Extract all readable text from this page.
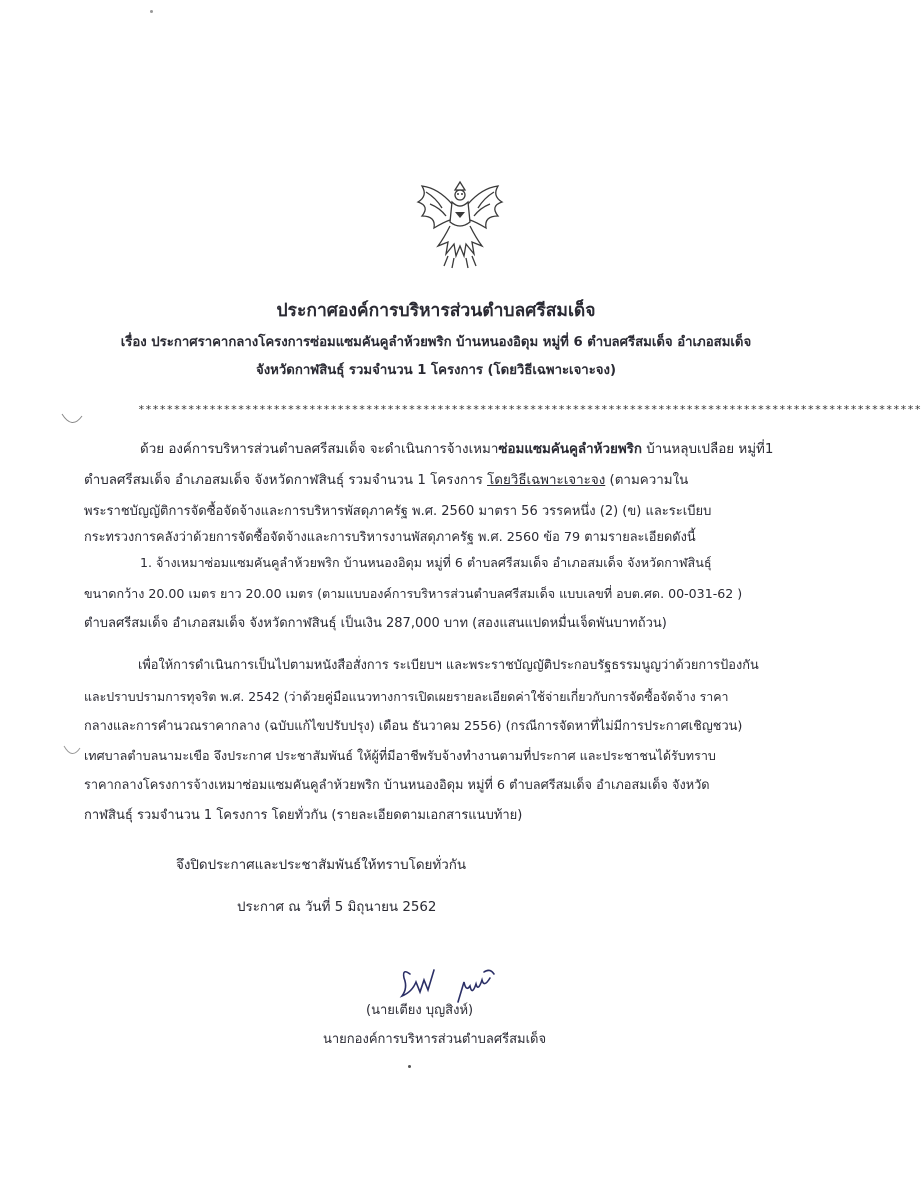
ประกาศองค์การบริหารส่วนตำบลศรีสมเด็จ
เรื่อง ประกาศราคากลางโครงการซ่อมแซมคันคูลำห้วยพริก บ้านหนองอิดุม หมู่ที่ 6 ตำบลศรีสมเด็จ อำเภอสมเด็จ
จังหวัดกาฬสินธุ์ รวมจำนวน 1 โครงการ (โดยวิธีเฉพาะเจาะจง)
**************************************************************************************************************
ด้วย องค์การบริหารส่วนตำบลศรีสมเด็จ จะดำเนินการจ้างเหมาซ่อมแซมคันคูลำห้วยพริก บ้านหลุบเปลือย หมู่ที่1
ตำบลศรีสมเด็จ อำเภอสมเด็จ จังหวัดกาฬสินธุ์ รวมจำนวน 1 โครงการ โดยวิธีเฉพาะเจาะจง (ตามความใน
พระราชบัญญัติการจัดซื้อจัดจ้างและการบริหารพัสดุภาครัฐ พ.ศ. 2560 มาตรา 56 วรรคหนึ่ง (2) (ข) และระเบียบ
กระทรวงการคลังว่าด้วยการจัดซื้อจัดจ้างและการบริหารงานพัสดุภาครัฐ พ.ศ. 2560 ข้อ 79 ตามรายละเอียดดังนี้
1. จ้างเหมาซ่อมแซมคันคูลำห้วยพริก บ้านหนองอิดุม หมู่ที่ 6 ตำบลศรีสมเด็จ อำเภอสมเด็จ จังหวัดกาฬสินธุ์
ขนาดกว้าง 20.00 เมตร ยาว 20.00 เมตร (ตามแบบองค์การบริหารส่วนตำบลศรีสมเด็จ แบบเลขที่ อบต.ศด. 00-031-62 )
ตำบลศรีสมเด็จ อำเภอสมเด็จ จังหวัดกาฬสินธุ์ เป็นเงิน 287,000 บาท (สองแสนแปดหมื่นเจ็ดพันบาทถ้วน)
เพื่อให้การดำเนินการเป็นไปตามหนังสือสั่งการ ระเบียบฯ และพระราชบัญญัติประกอบรัฐธรรมนูญว่าด้วยการป้องกัน
และปราบปรามการทุจริต พ.ศ. 2542 (ว่าด้วยคู่มือแนวทางการเปิดเผยรายละเอียดค่าใช้จ่ายเกี่ยวกับการจัดซื้อจัดจ้าง ราคา
กลางและการคำนวณราคากลาง (ฉบับแก้ไขปรับปรุง) เดือน ธันวาคม 2556) (กรณีการจัดหาที่ไม่มีการประกาศเชิญชวน)
เทศบาลตำบลนามะเขือ จึงประกาศ ประชาสัมพันธ์ ให้ผู้ที่มีอาชีพรับจ้างทำงานตามที่ประกาศ และประชาชนได้รับทราบ
ราคากลางโครงการจ้างเหมาซ่อมแซมคันคูลำห้วยพริก บ้านหนองอิดุม หมู่ที่ 6 ตำบลศรีสมเด็จ อำเภอสมเด็จ จังหวัด
กาฬสินธุ์ รวมจำนวน 1 โครงการ โดยทั่วกัน (รายละเอียดตามเอกสารแนบท้าย)
จึงปิดประกาศและประชาสัมพันธ์ให้ทราบโดยทั่วกัน
ประกาศ ณ วันที่ 5 มิถุนายน 2562
(นายเตียง บุญสิงห์)
นายกองค์การบริหารส่วนตำบลศรีสมเด็จ
